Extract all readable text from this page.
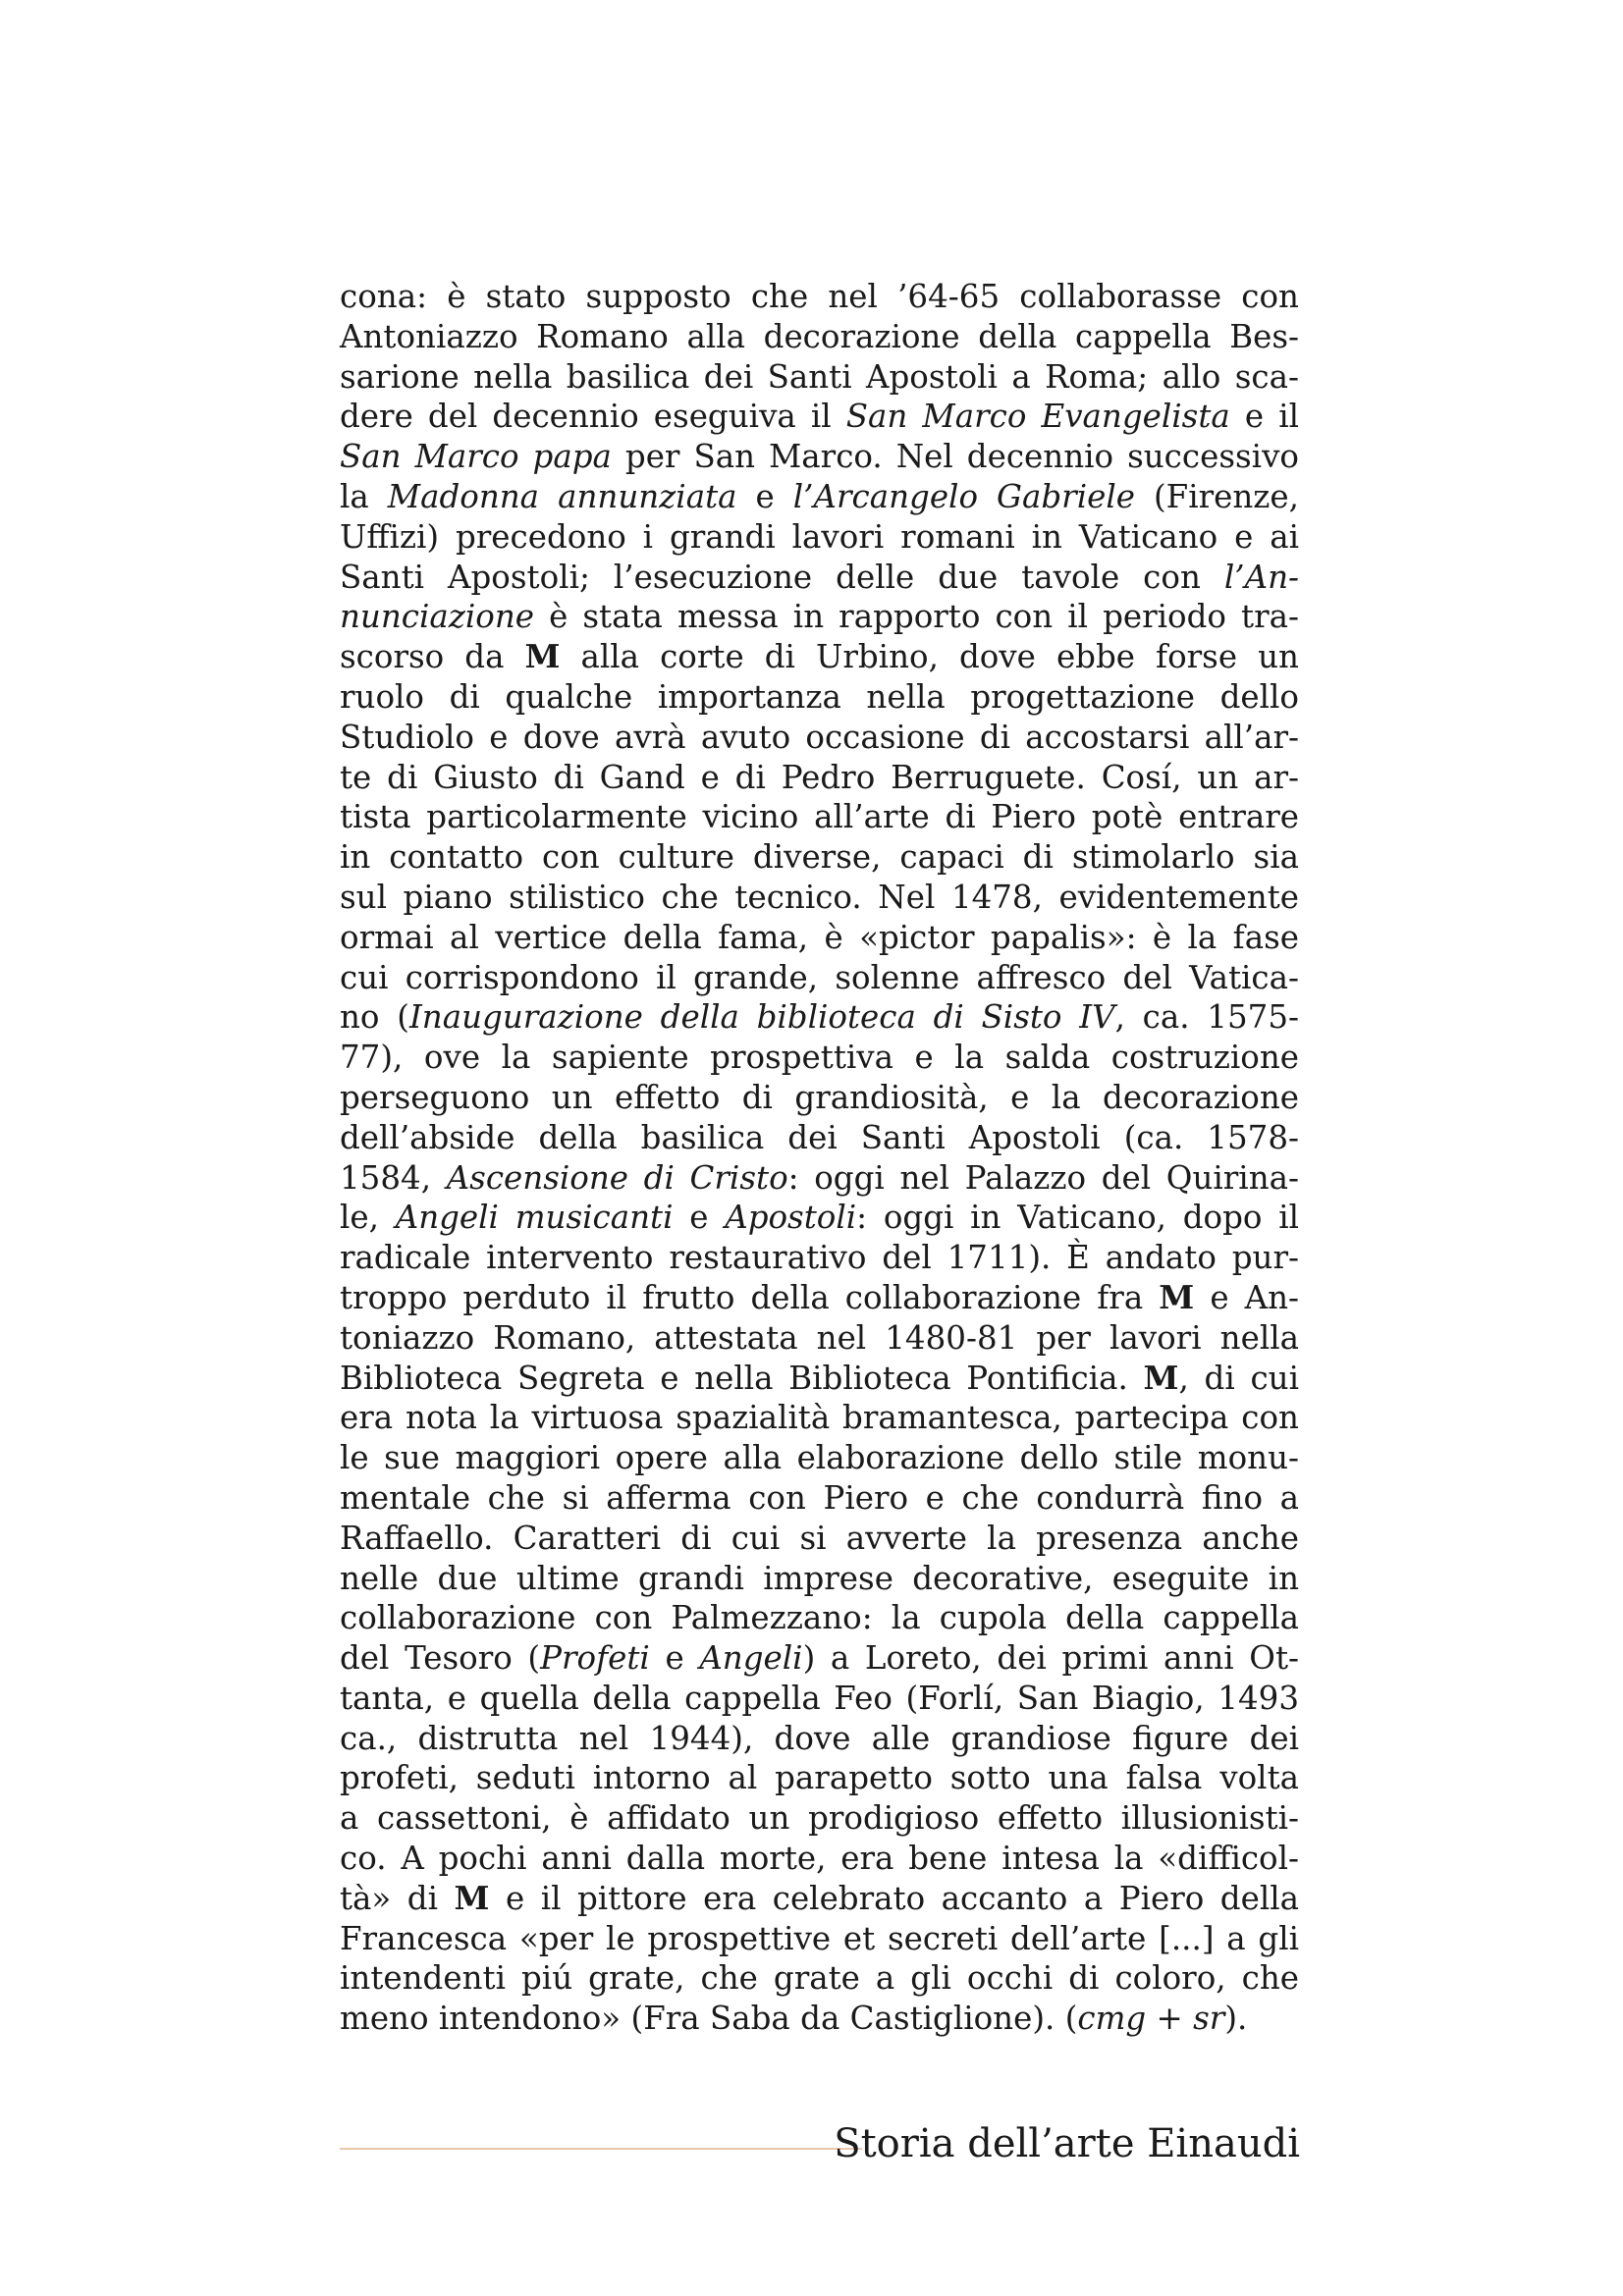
cona: è stato supposto che nel ’64-65 collaborasse con
Antoniazzo Romano alla decorazione della cappella Bes-
sarione nella basilica dei Santi Apostoli a Roma; allo sca-
dere del decennio eseguiva il San Marco Evangelista e il
San Marco papa per San Marco. Nel decennio successivo
la Madonna annunziata e l’Arcangelo Gabriele (Firenze,
Uffizi) precedono i grandi lavori romani in Vaticano e ai
Santi Apostoli; l’esecuzione delle due tavole con l’An-
nunciazione è stata messa in rapporto con il periodo tra-
scorso da M alla corte di Urbino, dove ebbe forse un
ruolo di qualche importanza nella progettazione dello
Studiolo e dove avrà avuto occasione di accostarsi all’ar-
te di Giusto di Gand e di Pedro Berruguete. Cosí, un ar-
tista particolarmente vicino all’arte di Piero potè entrare
in contatto con culture diverse, capaci di stimolarlo sia
sul piano stilistico che tecnico. Nel 1478, evidentemente
ormai al vertice della fama, è «pictor papalis»: è la fase
cui corrispondono il grande, solenne affresco del Vatica-
no (Inaugurazione della biblioteca di Sisto IV, ca. 1575-
77), ove la sapiente prospettiva e la salda costruzione
perseguono un effetto di grandiosità, e la decorazione
dell’abside della basilica dei Santi Apostoli (ca. 1578-
1584, Ascensione di Cristo: oggi nel Palazzo del Quirina-
le, Angeli musicanti e Apostoli: oggi in Vaticano, dopo il
radicale intervento restaurativo del 1711). È andato pur-
troppo perduto il frutto della collaborazione fra M e An-
toniazzo Romano, attestata nel 1480-81 per lavori nella
Biblioteca Segreta e nella Biblioteca Pontificia. M, di cui
era nota la virtuosa spazialità bramantesca, partecipa con
le sue maggiori opere alla elaborazione dello stile monu-
mentale che si afferma con Piero e che condurrà fino a
Raffaello. Caratteri di cui si avverte la presenza anche
nelle due ultime grandi imprese decorative, eseguite in
collaborazione con Palmezzano: la cupola della cappella
del Tesoro (Profeti e Angeli) a Loreto, dei primi anni Ot-
tanta, e quella della cappella Feo (Forlí, San Biagio, 1493
ca., distrutta nel 1944), dove alle grandiose figure dei
profeti, seduti intorno al parapetto sotto una falsa volta
a cassettoni, è affidato un prodigioso effetto illusionisti-
co. A pochi anni dalla morte, era bene intesa la «difficol-
tà» di M e il pittore era celebrato accanto a Piero della
Francesca «per le prospettive et secreti dell’arte [...] a gli
intendenti piú grate, che grate a gli occhi di coloro, che
meno intendono» (Fra Saba da Castiglione). (cmg + sr).
Storia dell’arte Einaudi
